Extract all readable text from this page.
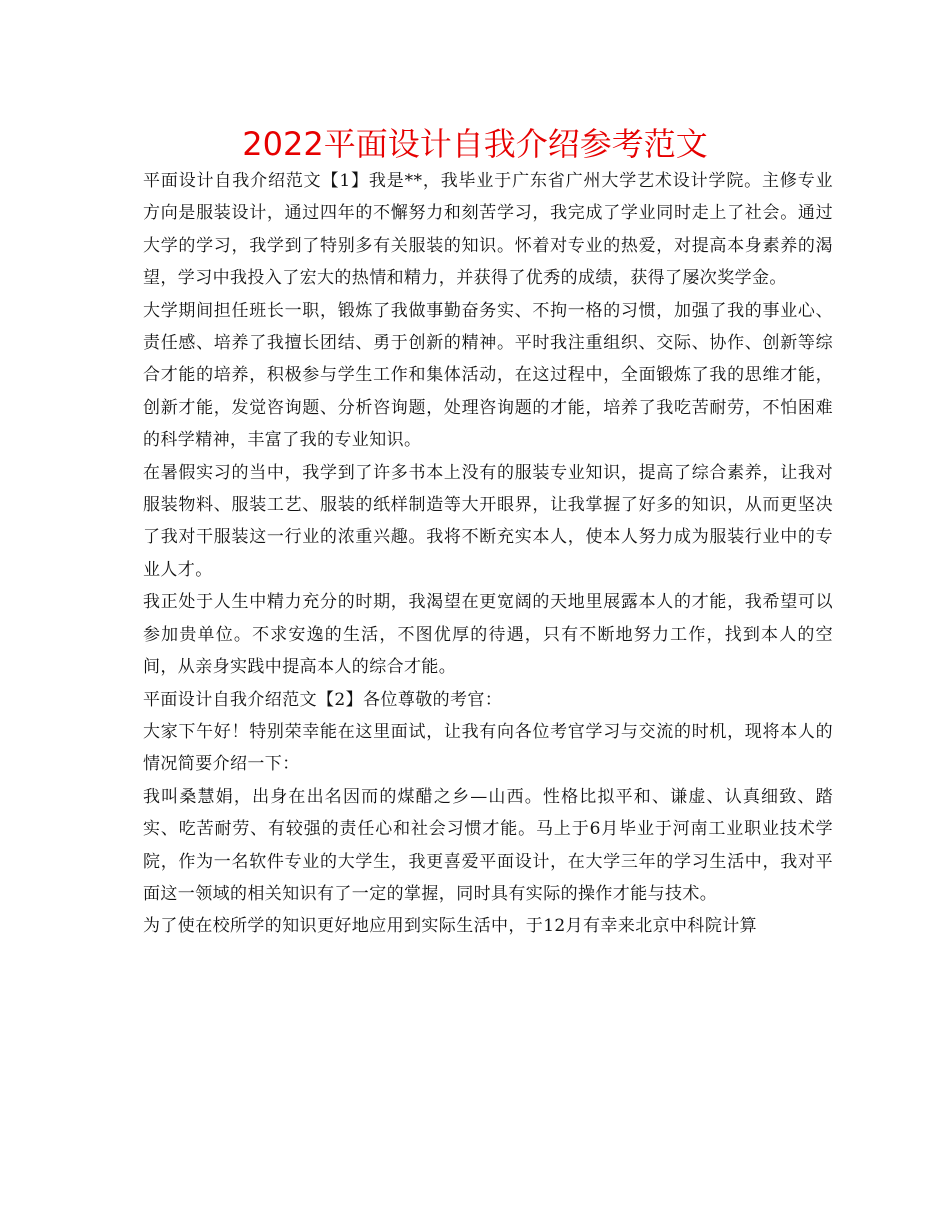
2022平面设计自我介绍参考范文

平面设计自我介绍范文【1】我是**，我毕业于广东省广州大学艺术设计学院。主修专业方向是服装设计，通过四年的不懈努力和刻苦学习，我完成了学业同时走上了社会。通过大学的学习，我学到了特别多有关服装的知识。怀着对专业的热爱，对提高本身素养的渴望，学习中我投入了宏大的热情和精力，并获得了优秀的成绩，获得了屡次奖学金。

大学期间担任班长一职，锻炼了我做事勤奋务实、不拘一格的习惯，加强了我的事业心、责任感、培养了我擅长团结、勇于创新的精神。平时我注重组织、交际、协作、创新等综合才能的培养，积极参与学生工作和集体活动，在这过程中，全面锻炼了我的思维才能，创新才能，发觉咨询题、分析咨询题，处理咨询题的才能，培养了我吃苦耐劳，不怕困难的科学精神，丰富了我的专业知识。

在暑假实习的当中，我学到了许多书本上没有的服装专业知识，提高了综合素养，让我对服装物料、服装工艺、服装的纸样制造等大开眼界，让我掌握了好多的知识，从而更坚决了我对干服装这一行业的浓重兴趣。我将不断充实本人，使本人努力成为服装行业中的专业人才。

我正处于人生中精力充分的时期，我渴望在更宽阔的天地里展露本人的才能，我希望可以参加贵单位。不求安逸的生活，不图优厚的待遇，只有不断地努力工作，找到本人的空间，从亲身实践中提高本人的综合才能。

平面设计自我介绍范文【2】各位尊敬的考官：

大家下午好！特别荣幸能在这里面试，让我有向各位考官学习与交流的时机，现将本人的情况简要介绍一下：

我叫桑慧娟，出身在出名因而的煤醋之乡—山西。性格比拟平和、谦虚、认真细致、踏实、吃苦耐劳、有较强的责任心和社会习惯才能。马上于6月毕业于河南工业职业技术学院，作为一名软件专业的大学生，我更喜爱平面设计，在大学三年的学习生活中，我对平面这一领域的相关知识有了一定的掌握，同时具有实际的操作才能与技术。

为了使在校所学的知识更好地应用到实际生活中，于12月有幸来北京中科院计算
